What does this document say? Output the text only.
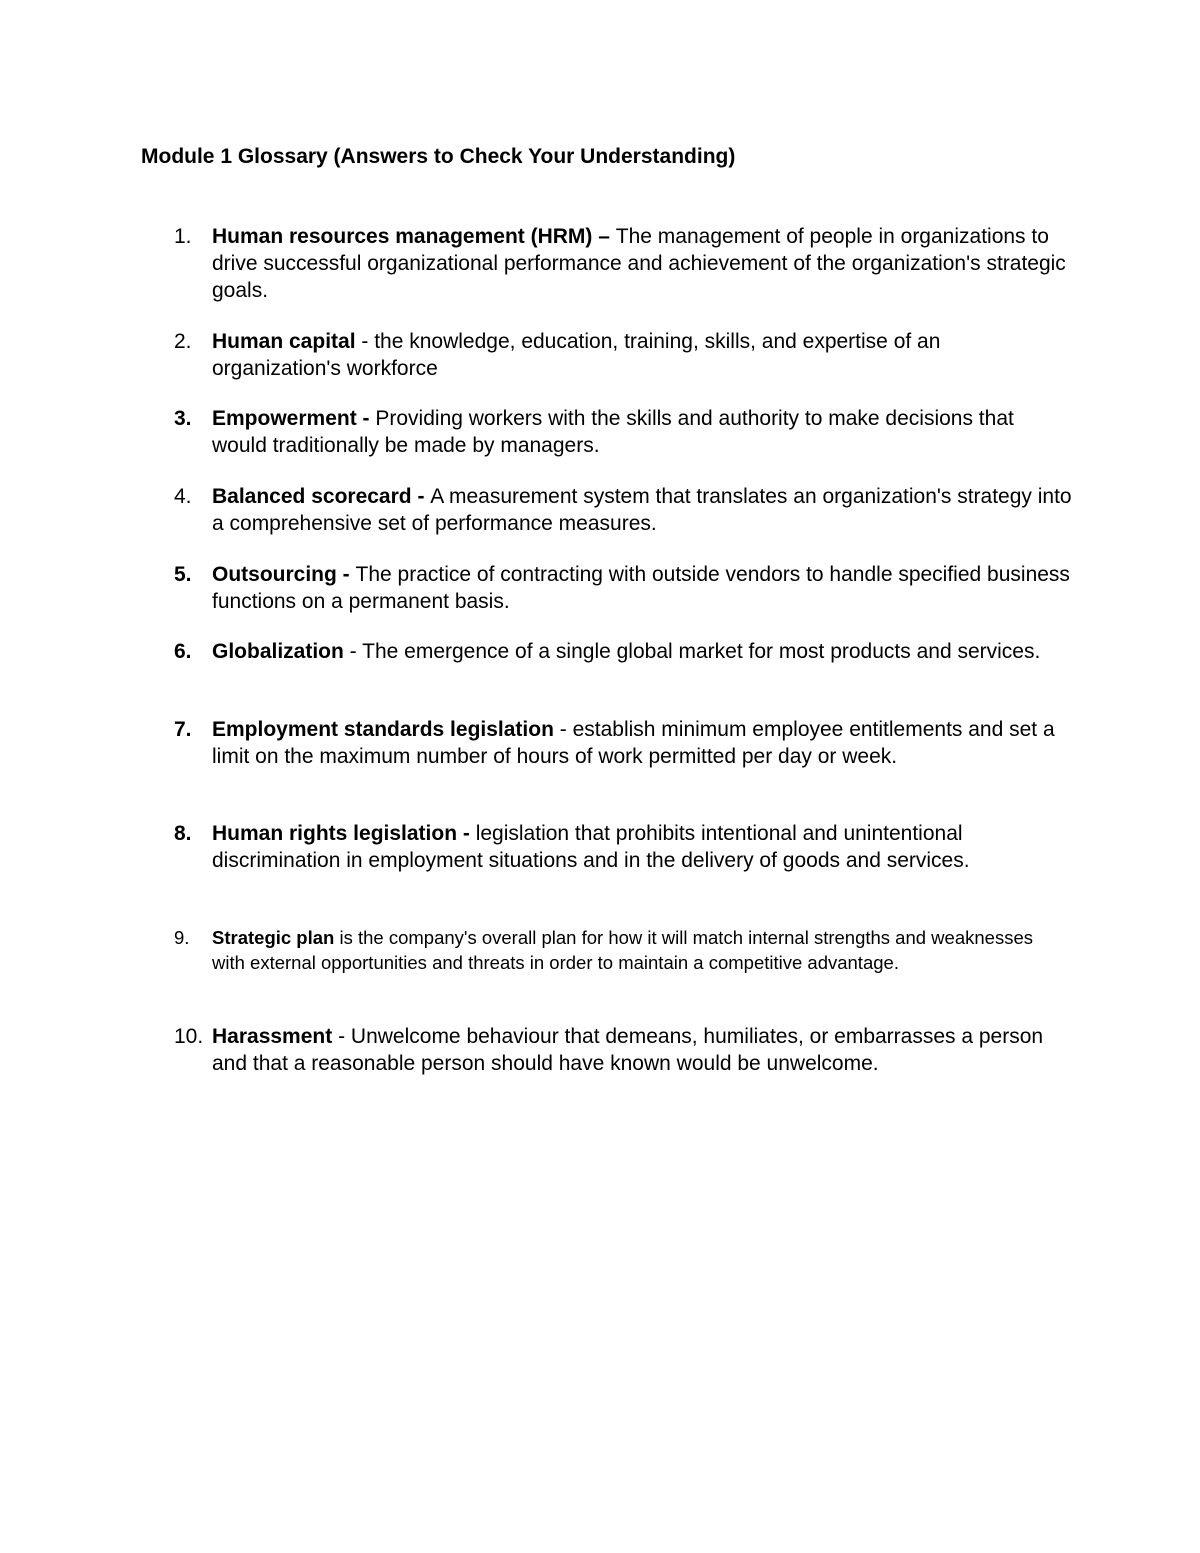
Module 1 Glossary (Answers to Check Your Understanding)
1. Human resources management (HRM) – The management of people in organizations to drive successful organizational performance and achievement of the organization's strategic goals.
2. Human capital - the knowledge, education, training, skills, and expertise of an organization's workforce
3. Empowerment - Providing workers with the skills and authority to make decisions that would traditionally be made by managers.
4. Balanced scorecard - A measurement system that translates an organization's strategy into a comprehensive set of performance measures.
5. Outsourcing - The practice of contracting with outside vendors to handle specified business functions on a permanent basis.
6. Globalization - The emergence of a single global market for most products and services.
7. Employment standards legislation - establish minimum employee entitlements and set a limit on the maximum number of hours of work permitted per day or week.
8. Human rights legislation - legislation that prohibits intentional and unintentional discrimination in employment situations and in the delivery of goods and services.
9.	Strategic plan is the company's overall plan for how it will match internal strengths and weaknesses with external opportunities and threats in order to maintain a competitive advantage.
10. Harassment - Unwelcome behaviour that demeans, humiliates, or embarrasses a person and that a reasonable person should have known would be unwelcome.
